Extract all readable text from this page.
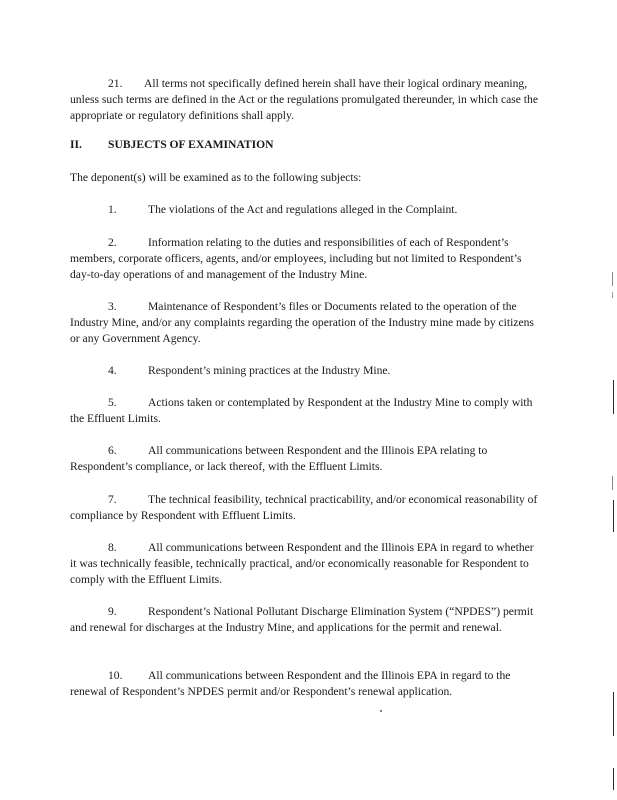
21. All terms not specifically defined herein shall have their logical ordinary meaning, unless such terms are defined in the Act or the regulations promulgated thereunder, in which case the appropriate or regulatory definitions shall apply.

II. SUBJECTS OF EXAMINATION

The deponent(s) will be examined as to the following subjects:

1.	The violations of the Act and regulations alleged in the Complaint.

2.	Information relating to the duties and responsibilities of each of Respondent’s members, corporate officers, agents, and/or employees, including but not limited to Respondent’s day-to-day operations of and management of the Industry Mine.

3.	Maintenance of Respondent’s files or Documents related to the operation of the Industry Mine, and/or any complaints regarding the operation of the Industry mine made by citizens or any Government Agency.

4.	Respondent’s mining practices at the Industry Mine.

5.	Actions taken or contemplated by Respondent at the Industry Mine to comply with the Effluent Limits.

6.	All communications between Respondent and the Illinois EPA relating to Respondent’s compliance, or lack thereof, with the Effluent Limits.

7.	The technical feasibility, technical practicability, and/or economical reasonability of compliance by Respondent with Effluent Limits.

8.	All communications between Respondent and the Illinois EPA in regard to whether it was technically feasible, technically practical, and/or economically reasonable for Respondent to comply with the Effluent Limits.

9.	Respondent’s National Pollutant Discharge Elimination System (“NPDES”) permit and renewal for discharges at the Industry Mine, and applications for the permit and renewal.

10. All communications between Respondent and the Illinois EPA in regard to the renewal of Respondent’s NPDES permit and/or Respondent’s renewal application.
